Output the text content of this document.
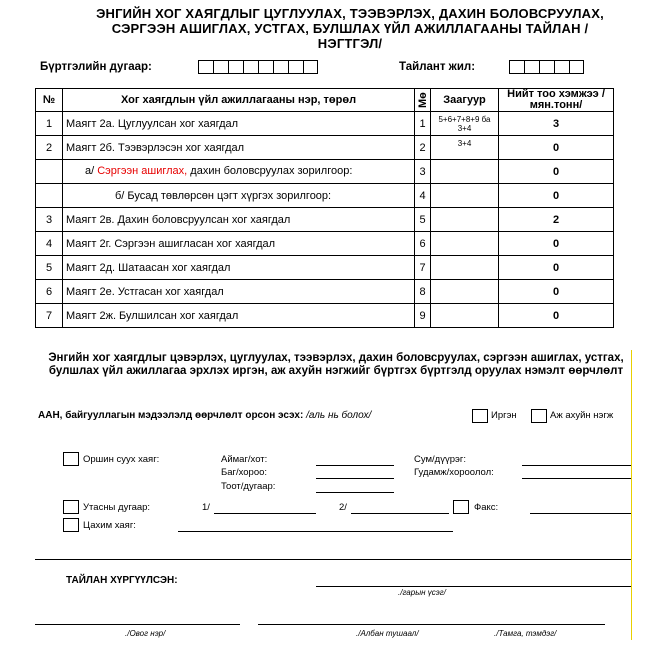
ЭНГИЙН ХОГ ХАЯГДЛЫГ ЦУГЛУУЛАХ, ТЭЭВЭРЛЭХ, ДАХИН БОЛОВСРУУЛАХ, СЭРГЭЭН АШИГЛАХ, УСТГАХ, БУЛШЛАХ ҮЙЛ АЖИЛЛАГААНЫ ТАЙЛАН /НЭГТГЭЛ/
Бүртгэлийн дугаар:	Тайлант жил:
№	Хог хаягдлын үйл ажиллагааны нэр, төрөл	Мө	Заагуур	Нийт тоо хэмжээ /мян.тонн/
1	Маягт 2а. Цуглуулсан хог хаягдал	1	5+6+7+8+9 ба 3+4	3
2	Маягт 2б. Тээвэрлэсэн хог хаягдал	2	3+4	0
	а/ Сэргээн ашиглах, дахин боловсруулах зорилгоор:	3		0
	б/ Бусад төвлөрсөн цэгт хүргэх зорилгоор:	4		0
3	Маягт 2в. Дахин боловсруулсан хог хаягдал	5		2
4	Маягт 2г. Сэргээн ашигласан хог хаягдал	6		0
5	Маягт 2д. Шатаасан хог хаягдал	7		0
6	Маягт 2е. Устгасан хог хаягдал	8		0
7	Маягт 2ж. Булшилсан хог хаягдал	9		0
Энгийн хог хаягдлыг цэвэрлэх, цуглуулах, тээвэрлэх, дахин боловсруулах, сэргээн ашиглах, устгах, булшлах үйл ажиллагаа эрхлэх иргэн, аж ахуйн нэгжийг бүртгэх бүртгэлд оруулах нэмэлт өөрчлөлт
ААН, байгууллагын мэдээлэлд өөрчлөлт орсон эсэх: /аль нь болох/	Иргэн	Аж ахуйн нэгж
Оршин суух хаяг:	Аймаг/хот:	Сум/дүүрэг:
Баг/хороо:	Гудамж/хороолол:
Тоот/дугаар:
Утасны дугаар:	1/	2/	Факс:
Цахим хаяг:
ТАЙЛАН ХҮРГҮҮЛСЭН:
./гарын үсэг/
./Овог нэр/	./Албан тушаал/	./Тамга, тэмдэг/
